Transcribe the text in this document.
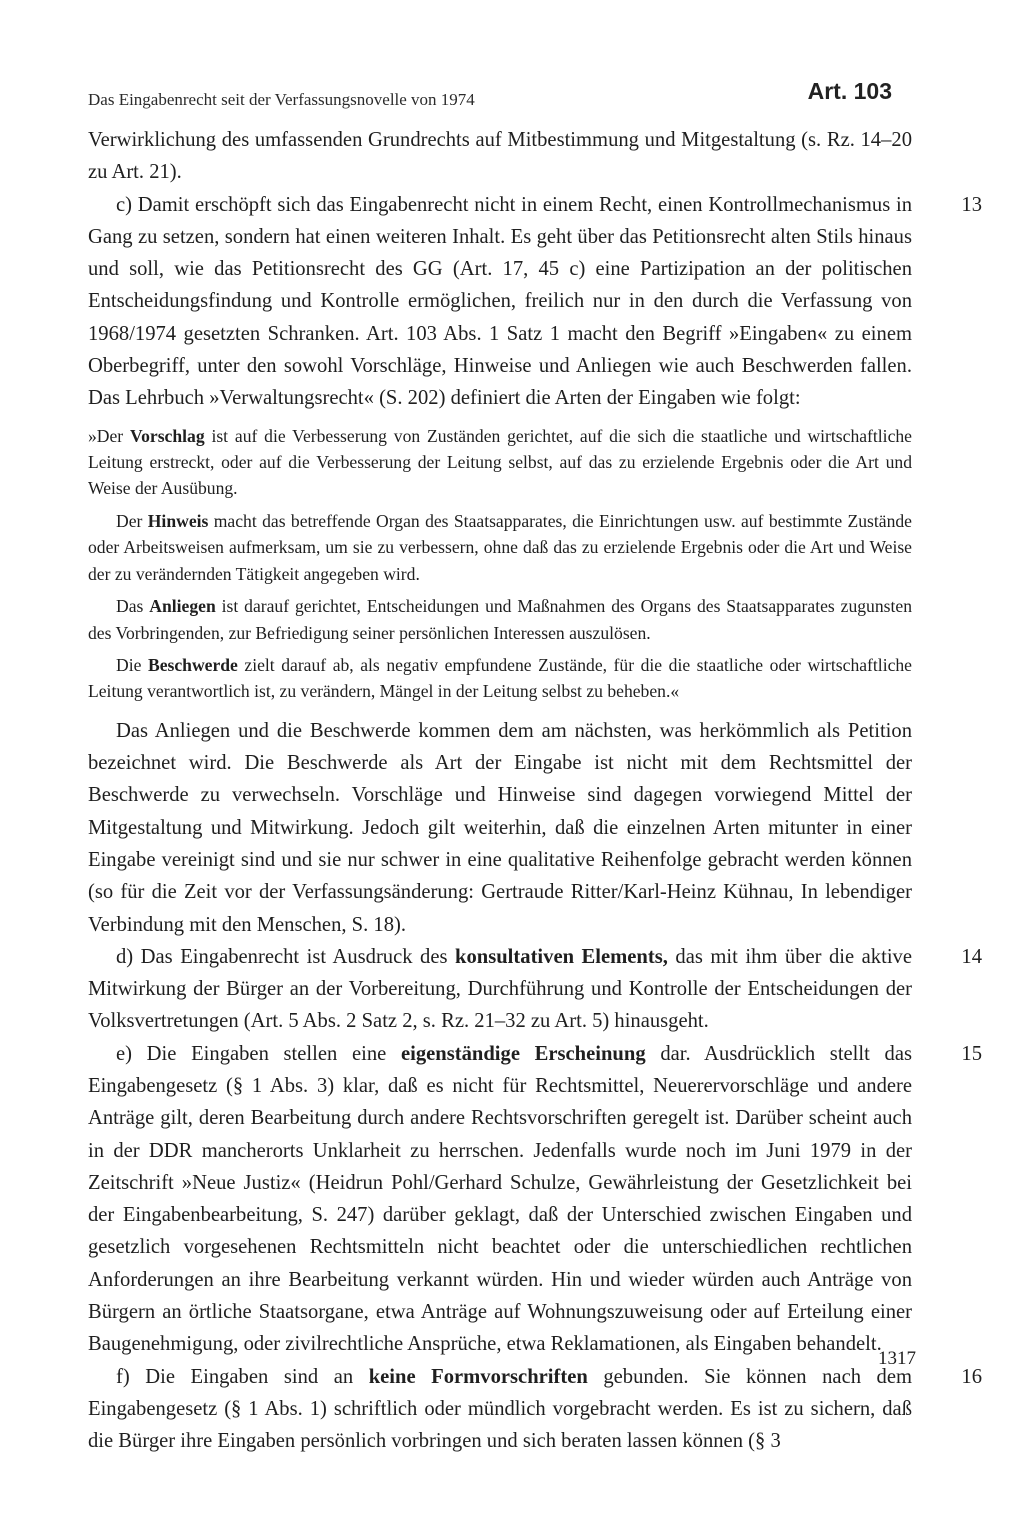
Das Eingabenrecht seit der Verfassungsnovelle von 1974	Art. 103

Verwirklichung des umfassenden Grundrechts auf Mitbestimmung und Mitgestaltung (s. Rz. 14–20 zu Art. 21).

13

c) Damit erschöpft sich das Eingabenrecht nicht in einem Recht, einen Kontrollmechanismus in Gang zu setzen, sondern hat einen weiteren Inhalt. Es geht über das Petitionsrecht alten Stils hinaus und soll, wie das Petitionsrecht des GG (Art. 17, 45 c) eine Partizipation an der politischen Entscheidungsfindung und Kontrolle ermöglichen, freilich nur in den durch die Verfassung von 1968/1974 gesetzten Schranken. Art. 103 Abs. 1 Satz 1 macht den Begriff »Eingaben« zu einem Oberbegriff, unter den sowohl Vorschläge, Hinweise und Anliegen wie auch Beschwerden fallen. Das Lehrbuch »Verwaltungsrecht« (S. 202) definiert die Arten der Eingaben wie folgt:

»Der Vorschlag ist auf die Verbesserung von Zuständen gerichtet, auf die sich die staatliche und wirtschaftliche Leitung erstreckt, oder auf die Verbesserung der Leitung selbst, auf das zu erzielende Ergebnis oder die Art und Weise der Ausübung.

Der Hinweis macht das betreffende Organ des Staatsapparates, die Einrichtungen usw. auf bestimmte Zustände oder Arbeitsweisen aufmerksam, um sie zu verbessern, ohne daß das zu erzielende Ergebnis oder die Art und Weise der zu verändernden Tätigkeit angegeben wird.

Das Anliegen ist darauf gerichtet, Entscheidungen und Maßnahmen des Organs des Staatsapparates zugunsten des Vorbringenden, zur Befriedigung seiner persönlichen Interessen auszulösen.

Die Beschwerde zielt darauf ab, als negativ empfundene Zustände, für die die staatliche oder wirtschaftliche Leitung verantwortlich ist, zu verändern, Mängel in der Leitung selbst zu beheben.«

Das Anliegen und die Beschwerde kommen dem am nächsten, was herkömmlich als Petition bezeichnet wird. Die Beschwerde als Art der Eingabe ist nicht mit dem Rechtsmittel der Beschwerde zu verwechseln. Vorschläge und Hinweise sind dagegen vorwiegend Mittel der Mitgestaltung und Mitwirkung. Jedoch gilt weiterhin, daß die einzelnen Arten mitunter in einer Eingabe vereinigt sind und sie nur schwer in eine qualitative Reihenfolge gebracht werden können (so für die Zeit vor der Verfassungsänderung: Gertraude Ritter/Karl-Heinz Kühnau, In lebendiger Verbindung mit den Menschen, S. 18).

14

d) Das Eingabenrecht ist Ausdruck des konsultativen Elements, das mit ihm über die aktive Mitwirkung der Bürger an der Vorbereitung, Durchführung und Kontrolle der Entscheidungen der Volksvertretungen (Art. 5 Abs. 2 Satz 2, s. Rz. 21–32 zu Art. 5) hinausgeht.

15

e) Die Eingaben stellen eine eigenständige Erscheinung dar. Ausdrücklich stellt das Eingabengesetz (§ 1 Abs. 3) klar, daß es nicht für Rechtsmittel, Neuerervorschläge und andere Anträge gilt, deren Bearbeitung durch andere Rechtsvorschriften geregelt ist. Darüber scheint auch in der DDR mancherorts Unklarheit zu herrschen. Jedenfalls wurde noch im Juni 1979 in der Zeitschrift »Neue Justiz« (Heidrun Pohl/Gerhard Schulze, Gewährleistung der Gesetzlichkeit bei der Eingabenbearbeitung, S. 247) darüber geklagt, daß der Unterschied zwischen Eingaben und gesetzlich vorgesehenen Rechtsmitteln nicht beachtet oder die unterschiedlichen rechtlichen Anforderungen an ihre Bearbeitung verkannt würden. Hin und wieder würden auch Anträge von Bürgern an örtliche Staatsorgane, etwa Anträge auf Wohnungszuweisung oder auf Erteilung einer Baugenehmigung, oder zivilrechtliche Ansprüche, etwa Reklamationen, als Eingaben behandelt.

16

f) Die Eingaben sind an keine Formvorschriften gebunden. Sie können nach dem Eingabengesetz (§ 1 Abs. 1) schriftlich oder mündlich vorgebracht werden. Es ist zu sichern, daß die Bürger ihre Eingaben persönlich vorbringen und sich beraten lassen können (§ 3

1317
